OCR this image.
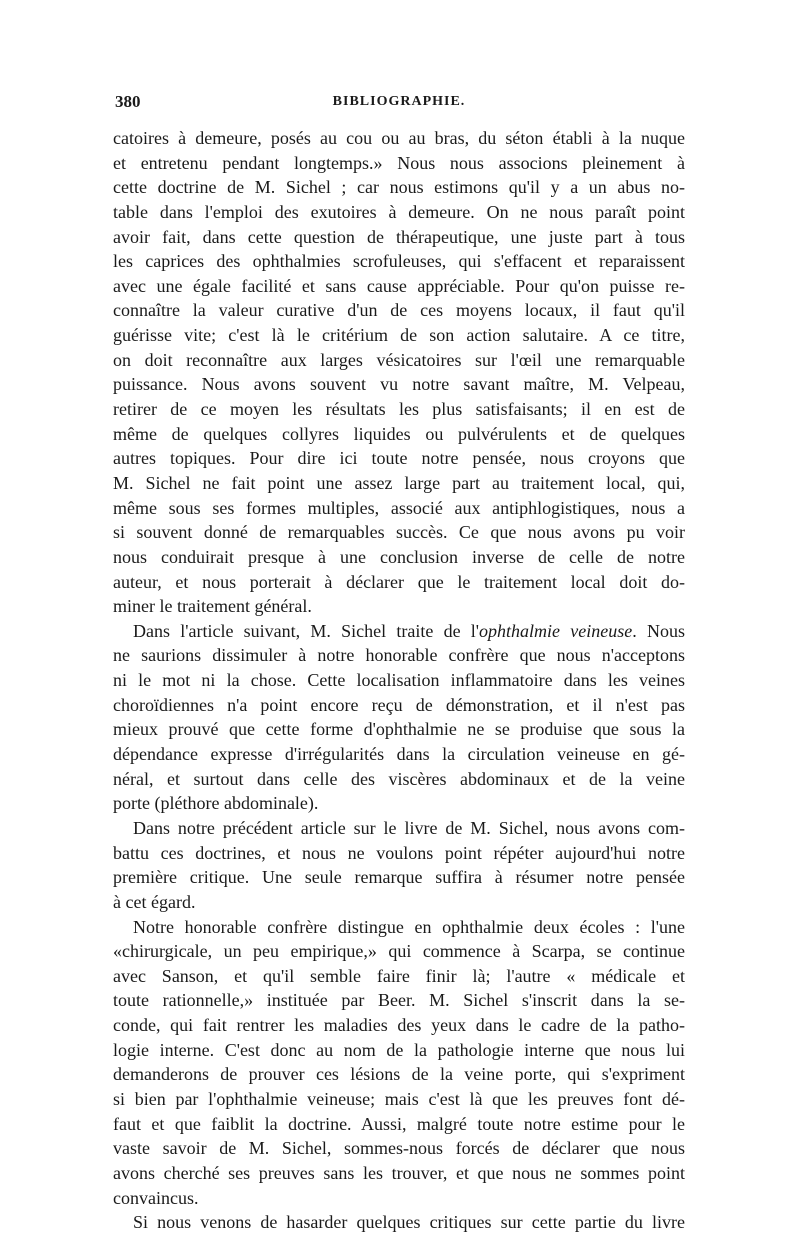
380	BIBLIOGRAPHIE.
catoires à demeure, posés au cou ou au bras, du séton établi à la nuque
et entretenu pendant longtemps.» Nous nous associons pleinement à
cette doctrine de M. Sichel ; car nous estimons qu'il y a un abus no-
table dans l'emploi des exutoires à demeure. On ne nous paraît point
avoir fait, dans cette question de thérapeutique, une juste part à tous
les caprices des ophthalmies scrofuleuses, qui s'effacent et reparaissent
avec une égale facilité et sans cause appréciable. Pour qu'on puisse re-
connaître la valeur curative d'un de ces moyens locaux, il faut qu'il
guérisse vite; c'est là le critérium de son action salutaire. A ce titre,
on doit reconnaître aux larges vésicatoires sur l'œil une remarquable
puissance. Nous avons souvent vu notre savant maître, M. Velpeau,
retirer de ce moyen les résultats les plus satisfaisants; il en est de
même de quelques collyres liquides ou pulvérulents et de quelques
autres topiques. Pour dire ici toute notre pensée, nous croyons que
M. Sichel ne fait point une assez large part au traitement local, qui,
même sous ses formes multiples, associé aux antiphlogistiques, nous a
si souvent donné de remarquables succès. Ce que nous avons pu voir
nous conduirait presque à une conclusion inverse de celle de notre
auteur, et nous porterait à déclarer que le traitement local doit do-
miner le traitement général.
Dans l'article suivant, M. Sichel traite de l'ophthalmie veineuse. Nous
ne saurions dissimuler à notre honorable confrère que nous n'acceptons
ni le mot ni la chose. Cette localisation inflammatoire dans les veines
choroïdiennes n'a point encore reçu de démonstration, et il n'est pas
mieux prouvé que cette forme d'ophthalmie ne se produise que sous la
dépendance expresse d'irrégularités dans la circulation veineuse en gé-
néral, et surtout dans celle des viscères abdominaux et de la veine
porte (pléthore abdominale).
Dans notre précédent article sur le livre de M. Sichel, nous avons com-
battu ces doctrines, et nous ne voulons point répéter aujourd'hui notre
première critique. Une seule remarque suffira à résumer notre pensée
à cet égard.
Notre honorable confrère distingue en ophthalmie deux écoles : l'une
«chirurgicale, un peu empirique,» qui commence à Scarpa, se continue
avec Sanson, et qu'il semble faire finir là; l'autre « médicale et
toute rationnelle,» instituée par Beer. M. Sichel s'inscrit dans la se-
conde, qui fait rentrer les maladies des yeux dans le cadre de la patho-
logie interne. C'est donc au nom de la pathologie interne que nous lui
demanderons de prouver ces lésions de la veine porte, qui s'expriment
si bien par l'ophthalmie veineuse; mais c'est là que les preuves font dé-
faut et que faiblit la doctrine. Aussi, malgré toute notre estime pour le
vaste savoir de M. Sichel, sommes-nous forcés de déclarer que nous
avons cherché ses preuves sans les trouver, et que nous ne sommes point
convaincus.
Si nous venons de hasarder quelques critiques sur cette partie du livre
